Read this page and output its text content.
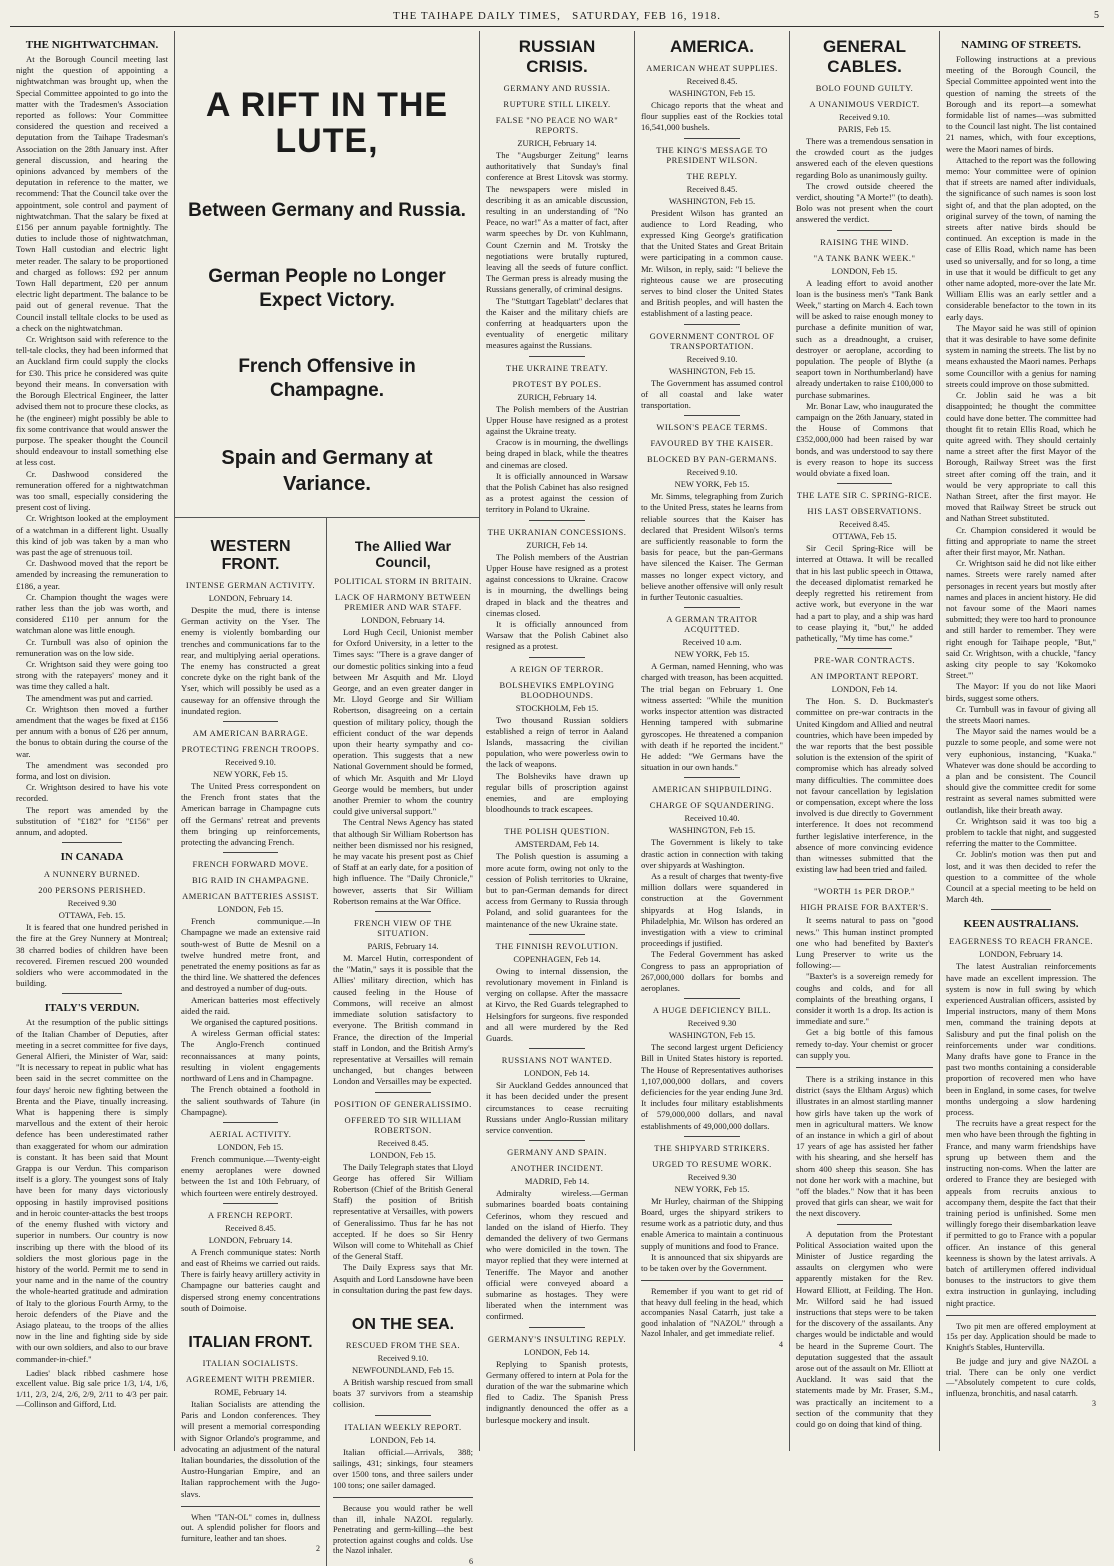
THE TAIHAPE DAILY TIMES,
SATURDAY, FEB 16, 1918.	5
THE NIGHTWATCHMAN.

At the Borough Council meeting last night the question of appointing a nightwatchman was brought up, when the Special Committee appointed to go into the matter with the Tradesmen's Association reported as follows: Your Committee considered the question and received a deputation from the Taihape Tradesman's Association on the 28th January inst. After general discussion, and hearing the opinions advanced by members of the deputation in reference to the matter, we recommend: That the Council take over the appointment, sole control and payment of nightwatchman. That the salary be fixed at £156 per annum payable fortnightly. The duties to include those of nightwatchman, Town Hall custodian and electric light meter reader. The salary to be proportioned and charged as follows: £92 per annum Town Hall department, £20 per annum electric light department. The balance to be paid out of general revenue. That the Council install telltale clocks to be used as a check on the nightwatchman.

Cr. Wrightson said with reference to the tell-tale clocks, they had been informed that an Auckland firm could supply the clocks for £30. This price he considered was quite beyond their means. In conversation with the Borough Electrical Engineer, the latter advised them not to procure these clocks, as he (the engineer) might possibly be able to fix some contrivance that would answer the purpose. The speaker thought the Council should endeavour to install something else at less cost.

Cr. Dashwood considered the remuneration offered for a nightwatchman was too small, especially considering the present cost of living.

Cr. Wrightson looked at the employment of a watchman in a different light. Usually this kind of job was taken by a man who was past the age of strenuous toil.

Cr. Dashwood moved that the report be amended by increasing the remuneration to £186, a year.

Cr. Champion thought the wages were rather less than the job was worth, and considered £110 per annum for the watchman alone was little enough.

Cr. Turnbull was also of opinion the remuneration was on the low side.

Cr. Wrightson said they were going too strong with the ratepayers' money and it was time they called a halt.

The amendment was put and carried.

Cr. Wrightson then moved a further amendment that the wages be fixed at £156 per annum with a bonus of £26 per annum, the bonus to obtain during the course of the war.

The amendment was seconded pro forma, and lost on division.

Cr. Wrightson desired to have his vote recorded.

The report was amended by the substitution of "£182" for "£156" per annum, and adopted.

IN CANADA
A NUNNERY BURNED.
200 PERSONS PERISHED.
Received 9.30
OTTAWA, Feb. 15.

It is feared that one hundred perished in the fire at the Grey Nunnery at Montreal; 38 charred bodies of children have been recovered. Firemen rescued 200 wounded soldiers who were accommodated in the building.

ITALY'S VERDUN.

At the resumption of the public sittings of the Italian Chamber of Deputies, after meeting in a secret committee for five days, General Alfieri, the Minister of War, said: "It is necessary to repeat in public what has been said in the secret committee on the four days' heroic new fighting between the Brenta and the Piave, tinually increasing. What is happening there is simply marvellous and the extent of their heroic defence has been underestimated rather than exaggerated for whom our admiration is constant. It has been said that Mount Grappa is our Verdun. This comparison itself is a glory. The youngest sons of Italy have been for many days victoriously opposing in hastily improvised positions and in heroic counter-attacks the best troops of the enemy flushed with victory and superior in numbers. Our country is now inscribing up there with the blood of its soldiers the most glorious page in the history of the world. Permit me to send in your name and in the name of the country the whole-hearted gratitude and admiration of Italy to the glorious Fourth Army, to the heroic defenders of the Piave and the Asiago plateau, to the troops of the allies now in the line and fighting side by side with our own soldiers, and also to our brave commander-in-chief."

Ladies' black ribbed cashmere hose excellent value. Big sale price 1/3, 1/4, 1/6, 1/11, 2/3, 2/4, 2/6, 2/9, 2/11 to 4/3 per pair.—Collinson and Gifford, Ltd.

A RIFT IN THE LUTE,
Between Germany and Russia.
German People no Longer Expect Victory.
French Offensive in Champagne.
Spain and Germany at Variance.
WESTERN FRONT.
INTENSE GERMAN ACTIVITY.
LONDON, February 14.

Despite the mud, there is intense German activity on the Yser. The enemy is violently bombarding our trenches and communications far to the rear, and multiplying aerial operations. The enemy has constructed a great concrete dyke on the right bank of the Yser, which will possibly be used as a causeway for an offensive through the inundated region.

AM AMERICAN BARRAGE.
PROTECTING FRENCH TROOPS.
Received 9.10.
NEW YORK, Feb 15.

The United Press correspondent on the French front states that the American barrage in Champagne cuts off the Germans' retreat and prevents them bringing up reinforcements, protecting the advancing French.

FRENCH FORWARD MOVE.
BIG RAID IN CHAMPAGNE.
AMERICAN BATTERIES ASSIST.
LONDON, Feb 15.

French communique.—In Champagne we made an extensive raid south-west of Butte de Mesnil on a twelve hundred metre front, and penetrated the enemy positions as far as the third line. We shattered the defences and destroyed a number of dug-outs.

American batteries most effectively aided the raid.

We organised the captured positions.

A wireless German official states: The Anglo-French continued reconnaissances at many points, resulting in violent engagements northward of Lens and in Champagne.

The French obtained a foothold in the salient southwards of Tahure (in Champagne).

AERIAL ACTIVITY.
LONDON, Feb 15.

French communique.—Twenty-eight enemy aeroplanes were downed between the 1st and 10th February, of which fourteen were entirely destroyed.

A FRENCH REPORT.
Received 8.45.
LONDON, February 14.

A French communique states: North and east of Rheims we carried out raids. There is fairly heavy artillery activity in Champagne our batteries caught and dispersed strong enemy concentrations south of Doimoise.

ITALIAN FRONT.
ITALIAN SOCIALISTS.
AGREEMENT WITH PREMIER.
ROME, February 14.

Italian Socialists are attending the Paris and London conferences. They will present a memorial corresponding with Signor Orlando's programme, and advocating an adjustment of the natural Italian boundaries, the dissolution of the Austro-Hungarian Empire, and an Italian rapprochement with the Jugo-slavs.

When "TAN-OL" comes in, dullness out. A splendid polisher for floors and furniture, leather and tan shoes.

2
The Allied War Council,
POLITICAL STORM IN BRITAIN.
LACK OF HARMONY BETWEEN PREMIER AND WAR STAFF.
LONDON, February 14.

Lord Hugh Cecil, Unionist member for Oxford University, in a letter to the Times says: "There is a grave danger of our domestic politics sinking into a feud between Mr Asquith and Mr. Lloyd George, and an even greater danger in Mr. Lloyd George and Sir William Robertson, disagreeing on a certain question of military policy, though the efficient conduct of the war depends upon their hearty sympathy and co-operation. This suggests that a new National Government should be formed, of which Mr. Asquith and Mr Lloyd George would be members, but under another Premier to whom the country could give universal support."

The Central News Agency has stated that although Sir William Robertson has neither been dismissed nor his resigned, he may vacate his present post as Chief of Staff at an early date, for a position of high influence. The "Daily Chronicle," however, asserts that Sir William Robertson remains at the War Office.

FRENCH VIEW OF THE SITUATION.
PARIS, February 14.

M. Marcel Hutin, correspondent of the "Matin," says it is possible that the Allies' military direction, which has caused feeling in the House of Commons, will receive an almost immediate solution satisfactory to everyone. The British command in France, the direction of the Imperial staff in London, and the British Army's representative at Versailles will remain unchanged, but changes between London and Versailles may be expected.

POSITION OF GENERALISSIMO.
OFFERED TO SIR WILLIAM ROBERTSON.
Received 8.45.
LONDON, Feb 15.

The Daily Telegraph states that Lloyd George has offered Sir William Robertson (Chief of the British General Staff) the position of British representative at Versailles, with powers of Generalissimo. Thus far he has not accepted. If he does so Sir Henry Wilson will come to Whitehall as Chief of the General Staff.

The Daily Express says that Mr. Asquith and Lord Lansdowne have been in consultation during the past few days.

ON THE SEA.
RESCUED FROM THE SEA.
Received 9.10.
NEWFOUNDLAND, Feb 15.

A British warship rescued from small boats 37 survivors from a steamship collision.

ITALIAN WEEKLY REPORT.
LONDON, Feb 14.

Italian official.—Arrivals, 388; sailings, 431; sinkings, four steamers over 1500 tons, and three sailers under 100 tons; one sailer damaged.

Because you would rather be well than ill, inhale NAZOL regularly. Penetrating and germ-killing—the best protection against coughs and colds. Use the Nazol inhaler.

6
RUSSIAN CRISIS.
GERMANY AND RUSSIA.
RUPTURE STILL LIKELY.
FALSE "NO PEACE NO WAR" REPORTS.
ZURICH, February 14.

The "Augsburger Zeitung" learns authoritatively that Sunday's final conference at Brest Litovsk was stormy. The newspapers were misled in describing it as an amicable discussion, resulting in an understanding of "No Peace, no war!" As a matter of fact, after warm speeches by Dr. von Kuhlmann, Count Czernin and M. Trotsky the negotiations were brutally ruptured, leaving all the seeds of future conflict. The German press is already musing the Russians generally, of criminal designs.

The "Stuttgart Tageblatt" declares that the Kaiser and the military chiefs are conferring at headquarters upon the eventuality of energetic military measures against the Russians.

THE UKRAINE TREATY.
PROTEST BY POLES.
ZURICH, February 14.

The Polish members of the Austrian Upper House have resigned as a protest against the Ukraine treaty.

Cracow is in mourning, the dwellings being draped in black, while the theatres and cinemas are closed.

It is officially announced in Warsaw that the Polish Cabinet has also resigned as a protest against the cession of territory in Poland to Ukraine.

THE UKRANIAN CONCESSIONS.
ZURICH, Feb 14.

The Polish members of the Austrian Upper House have resigned as a protest against concessions to Ukraine. Cracow is in mourning, the dwellings being draped in black and the theatres and cinemas closed.

It is officially announced from Warsaw that the Polish Cabinet also resigned as a protest.

A REIGN OF TERROR.
BOLSHEVIKS EMPLOYING BLOODHOUNDS.
STOCKHOLM, Feb 15.

Two thousand Russian soldiers established a reign of terror in Aaland Islands, massacring the civilian population, who were powerless owin to the lack of weapons.

The Bolsheviks have drawn up regular bills of proscription against enemies, and are employing bloodhounds to track escapees.

THE POLISH QUESTION.
AMSTERDAM, Feb 14.

The Polish question is assuming a more acute form, owing not only to the cession of Polish territories to Ukraine, but to pan-German demands for direct access from Germany to Russia through Poland, and solid guarantees for the maintenance of the new Ukraine state.

THE FINNISH REVOLUTION.
COPENHAGEN, Feb 14.

Owing to internal dissension, the revolutionary movement in Finland is verging on collapse. After the massacre at Kirvo, the Red Guards telegraphed to Helsingfors for surgeons. five responded and all were murdered by the Red Guards.

RUSSIANS NOT WANTED.
LONDON, Feb 14.

Sir Auckland Geddes announced that it has been decided under the present circumstances to cease recruiting Russians under Anglo-Russian military service convention.

GERMANY AND SPAIN.
ANOTHER INCIDENT.
MADRID, Feb 14.

Admiralty wireless.—German submarines boarded boats containing Ceferinos, whom they rescued and landed on the island of Hierfo. They demanded the delivery of two Germans who were domiciled in the town. The mayor replied that they were interned at Teneriffe. The Mayor and another official were conveyed aboard a submarine as hostages. They were liberated when the internment was confirmed.

GERMANY'S INSULTING REPLY.
LONDON, Feb 14.

Replying to Spanish protests, Germany offered to intern at Pola for the duration of the war the submarine which fled to Cadiz. The Spanish Press indignantly denounced the offer as a burlesque mockery and insult.

AMERICA.
AMERICAN WHEAT SUPPLIES.
Received 8.45.
WASHINGTON, Feb 15.

Chicago reports that the wheat and flour supplies east of the Rockies total 16,541,000 bushels.

THE KING'S MESSAGE TO PRESIDENT WILSON.
THE REPLY.
Received 8.45.
WASHINGTON, Feb 15.

President Wilson has granted an audience to Lord Reading, who expressed King George's gratification that the United States and Great Britain were participating in a common cause. Mr. Wilson, in reply, said: "I believe the righteous cause we are prosecuting serves to bind closer the United States and British peoples, and will hasten the establishment of a lasting peace.

GOVERNMENT CONTROL OF TRANSPORTATION.
Received 9.10.
WASHINGTON, Feb 15.

The Government has assumed control of all coastal and lake water transportation.

WILSON'S PEACE TERMS.
FAVOURED BY THE KAISER.
BLOCKED BY PAN-GERMANS.
Received 9.10.
NEW YORK, Feb 15.

Mr. Simms, telegraphing from Zurich to the United Press, states he learns from reliable sources that the Kaiser has declared that President Wilson's terms are sufficiently reasonable to form the basis for peace, but the pan-Germans have silenced the Kaiser. The German masses no longer expect victory, and believe another offensive will only result in further Teutonic casualties.

A GERMAN TRAITOR ACQUITTED.
Received 10 a.m.
NEW YORK, Feb 15.

A German, named Henning, who was charged with treason, has been acquitted. The trial began on February 1. One witness asserted: "While the munition works inspector attention was distracted Henning tampered with submarine gyroscopes. He threatened a companion with death if he reported the incident." He added: "We Germans have the situation in our own hands."

AMERICAN SHIPBUILDING.
CHARGE OF SQUANDERING.
Received 10.40.
WASHINGTON, Feb 15.

The Government is likely to take drastic action in connection with taking over shipyards at Washington.

As a result of charges that twenty-five million dollars were squandered in construction at the Government shipyards at Hog Islands, in Philadelphia, Mr. Wilson has ordered an investigation with a view to criminal proceedings if justified.

The Federal Government has asked Congress to pass an appropriation of 267,000,000 dollars for bombs and aeroplanes.

A HUGE DEFICIENCY BILL.
Received 9.30
WASHINGTON, Feb 15.

The second largest urgent Deficiency Bill in United States history is reported. The House of Representatives authorises 1,107,000,000 dollars, and covers deficiencies for the year ending June 3rd. It includes four military establishments of 579,000,000 dollars, and naval establishments of 49,000,000 dollars.

THE SHIPYARD STRIKERS.
URGED TO RESUME WORK.
Received 9.30
NEW YORK, Feb 15.

Mr Hurley, chairman of the Shipping Board, urges the shipyard strikers to resume work as a patriotic duty, and thus enable America to maintain a continuous supply of munitions and food to France.

It is announced that six shipyards are to be taken over by the Government.

Remember if you want to get rid of that heavy dull feeling in the head, which accompanies Nasal Catarrh, just take a good inhalation of "NAZOL" through a Nazol Inhaler, and get immediate relief.

4
GENERAL CABLES.
BOLO FOUND GUILTY.
A UNANIMOUS VERDICT.
Received 9.10.
PARIS, Feb 15.

There was a tremendous sensation in the crowded court as the judges answered each of the eleven questions regarding Bolo as unanimously guilty.

The crowd outside cheered the verdict, shouting "A Morte!" (to death). Bolo was not present when the court answered the verdict.

RAISING THE WIND.
"A TANK BANK WEEK."
LONDON, Feb 15.

A leading effort to avoid another loan is the business men's "Tank Bank Week," starting on March 4. Each town will be asked to raise enough money to purchase a definite munition of war, such as a dreadnought, a cruiser, destroyer or aeroplane, according to population. The people of Blythe (a seaport town in Northumberland) have already undertaken to raise £100,000 to purchase submarines.

Mr. Bonar Law, who inaugurated the campaign on the 26th January, stated in the House of Commons that £352,000,000 had been raised by war bonds, and was understood to say there is every reason to hope its success would obviate a fixed loan.

THE LATE SIR C. SPRING-RICE.
HIS LAST OBSERVATIONS.
Received 8.45.
OTTAWA, Feb 15.

Sir Cecil Spring-Rice will be interred at Ottawa. It will be recalled that in his last public speech in Ottawa, the deceased diplomatist remarked he deeply regretted his retirement from active work, but everyone in the war had a part to play, and a ship was hard to cease playing it, "but," he added pathetically, "My time has come."

PRE-WAR CONTRACTS.
AN IMPORTANT REPORT.
LONDON, Feb 14.

The Hon. S. D. Buckmaster's committee on pre-war contracts in the United Kingdom and Allied and neutral countries, which have been impeded by the war reports that the best possible solution is the extension of the spirit of compromise which has already solved many difficulties. The committee does not favour cancellation by legislation or compensation, except where the loss involved is due directly to Government interference. It does not recommend further legislative interference, in the absence of more convincing evidence than witnesses submitted that the existing law had been tried and failed.

"WORTH 1s PER DROP."
HIGH PRAISE FOR BAXTER'S.

It seems natural to pass on "good news." This human instinct prompted one who had benefited by Baxter's Lung Preserver to write us the following:—

"Baxter's is a sovereign remedy for coughs and colds, and for all complaints of the breathing organs, I consider it worth 1s a drop. Its action is immediate and sure."

Get a big bottle of this famous remedy to-day. Your chemist or grocer can supply you.

There is a striking instance in this district (says the Eltham Argus) which illustrates in an almost startling manner how girls have taken up the work of men in agricultural matters. We know of an instance in which a girl of about 17 years of age has assisted her father with his shearing, and she herself has shorn 400 sheep this season. She has not done her work with a machine, but "off the blades." Now that it has been proved that girls can shear, we wait for the next discovery.

A deputation from the Protestant Political Association waited upon the Minister of Justice regarding the assaults on clergymen who were apparently mistaken for the Rev. Howard Elliott, at Feilding. The Hon. Mr. Wilford said he had issued instructions that steps were to be taken for the discovery of the assailants. Any charges would be indictable and would be heard in the Supreme Court. The deputation suggested that the assault arose out of the assault on Mr. Elliott at Auckland. It was said that the statements made by Mr. Fraser, S.M., was practically an incitement to a section of the community that they could go on doing that kind of thing.

NAMING OF STREETS.

Following instructions at a previous meeting of the Borough Council, the Special Committee appointed went into the question of naming the streets of the Borough and its report—a somewhat formidable list of names—was submitted to the Council last night. The list contained 21 names, which, with four exceptions, were the Maori names of birds.

Attached to the report was the following memo: Your committee were of opinion that if streets are named after individuals, the significance of such names is soon lost sight of, and that the plan adopted, on the original survey of the town, of naming the streets after native birds should be continued. An exception is made in the case of Ellis Road, which name has been used so universally, and for so long, a time in use that it would be difficult to get any other name adopted, more-over the late Mr. William Ellis was an early settler and a considerable benefactor to the town in its early days.

The Mayor said he was still of opinion that it was desirable to have some definite system in naming the streets. The list by no means exhausted the Maori names. Perhaps some Councillor with a genius for naming streets could improve on those submitted.

Cr. Joblin said he was a bit disappointed; he thought the committee could have done better. The committee had thought fit to retain Ellis Road, which he quite agreed with. They should certainly name a street after the first Mayor of the Borough, Railway Street was the first street after coming off the train, and it would be very appropriate to call this Nathan Street, after the first mayor. He moved that Railway Street be struck out and Nathan Street substituted.

Cr. Champion considered it would be fitting and appropriate to name the street after their first mayor, Mr. Nathan.

Cr. Wrightson said he did not like either names. Streets were rarely named after personages in recent years but mostly after names and places in ancient history. He did not favour some of the Maori names submitted; they were too hard to pronounce and still harder to remember. They were right enough for Taihape people, "But," said Cr. Wrightson, with a chuckle, "fancy asking city people to say 'Kokomoko Street.'"

The Mayor: If you do not like Maori birds, suggest some others.

Cr. Turnbull was in favour of giving all the streets Maori names.

The Mayor said the names would be a puzzle to some people, and some were not very euphonious, instancing, "Kuaka." Whatever was done should be according to a plan and be consistent. The Council should give the committee credit for some restraint as several names submitted were outlandish, like their breath away.

Cr. Wrightson said it was too big a problem to tackle that night, and suggested referring the matter to the Committee.

Cr. Joblin's motion was then put and lost, and it was then decided to refer the question to a committee of the whole Council at a special meeting to be held on March 4th.

KEEN AUSTRALIANS.
EAGERNESS TO REACH FRANCE.
LONDON, February 14.

The latest Australian reinforcements have made an excellent impression. The system is now in full swing by which experienced Australian officers, assisted by Imperial instructors, many of them Mons men, command the training depots at Salisbury and put the final polish on the reinforcements under war conditions. Many drafts have gone to France in the past two months containing a considerable proportion of recovered men who have been in England, in some cases, for twelve months undergoing a slow hardening process.

The recruits have a great respect for the men who have been through the fighting in France, and many warm friendships have sprung up between them and the instructing non-coms. When the latter are ordered to France they are besieged with appeals from recruits anxious to accompany them, despite the fact that their training period is unfinished. Some men willingly forego their disembarkation leave if permitted to go to France with a popular officer. An instance of this general keenness is shown by the latest arrivals. A batch of artillerymen offered individual bonuses to the instructors to give them extra instruction in gunlaying, including night practice.

Two pit men are offered employment at 15s per day. Application should be made to Knight's Stables, Huntervilla.

Be judge and jury and give NAZOL a trial. There can be only one verdict—"Absolutely competent to cure colds, influenza, bronchitis, and nasal catarrh.

3
